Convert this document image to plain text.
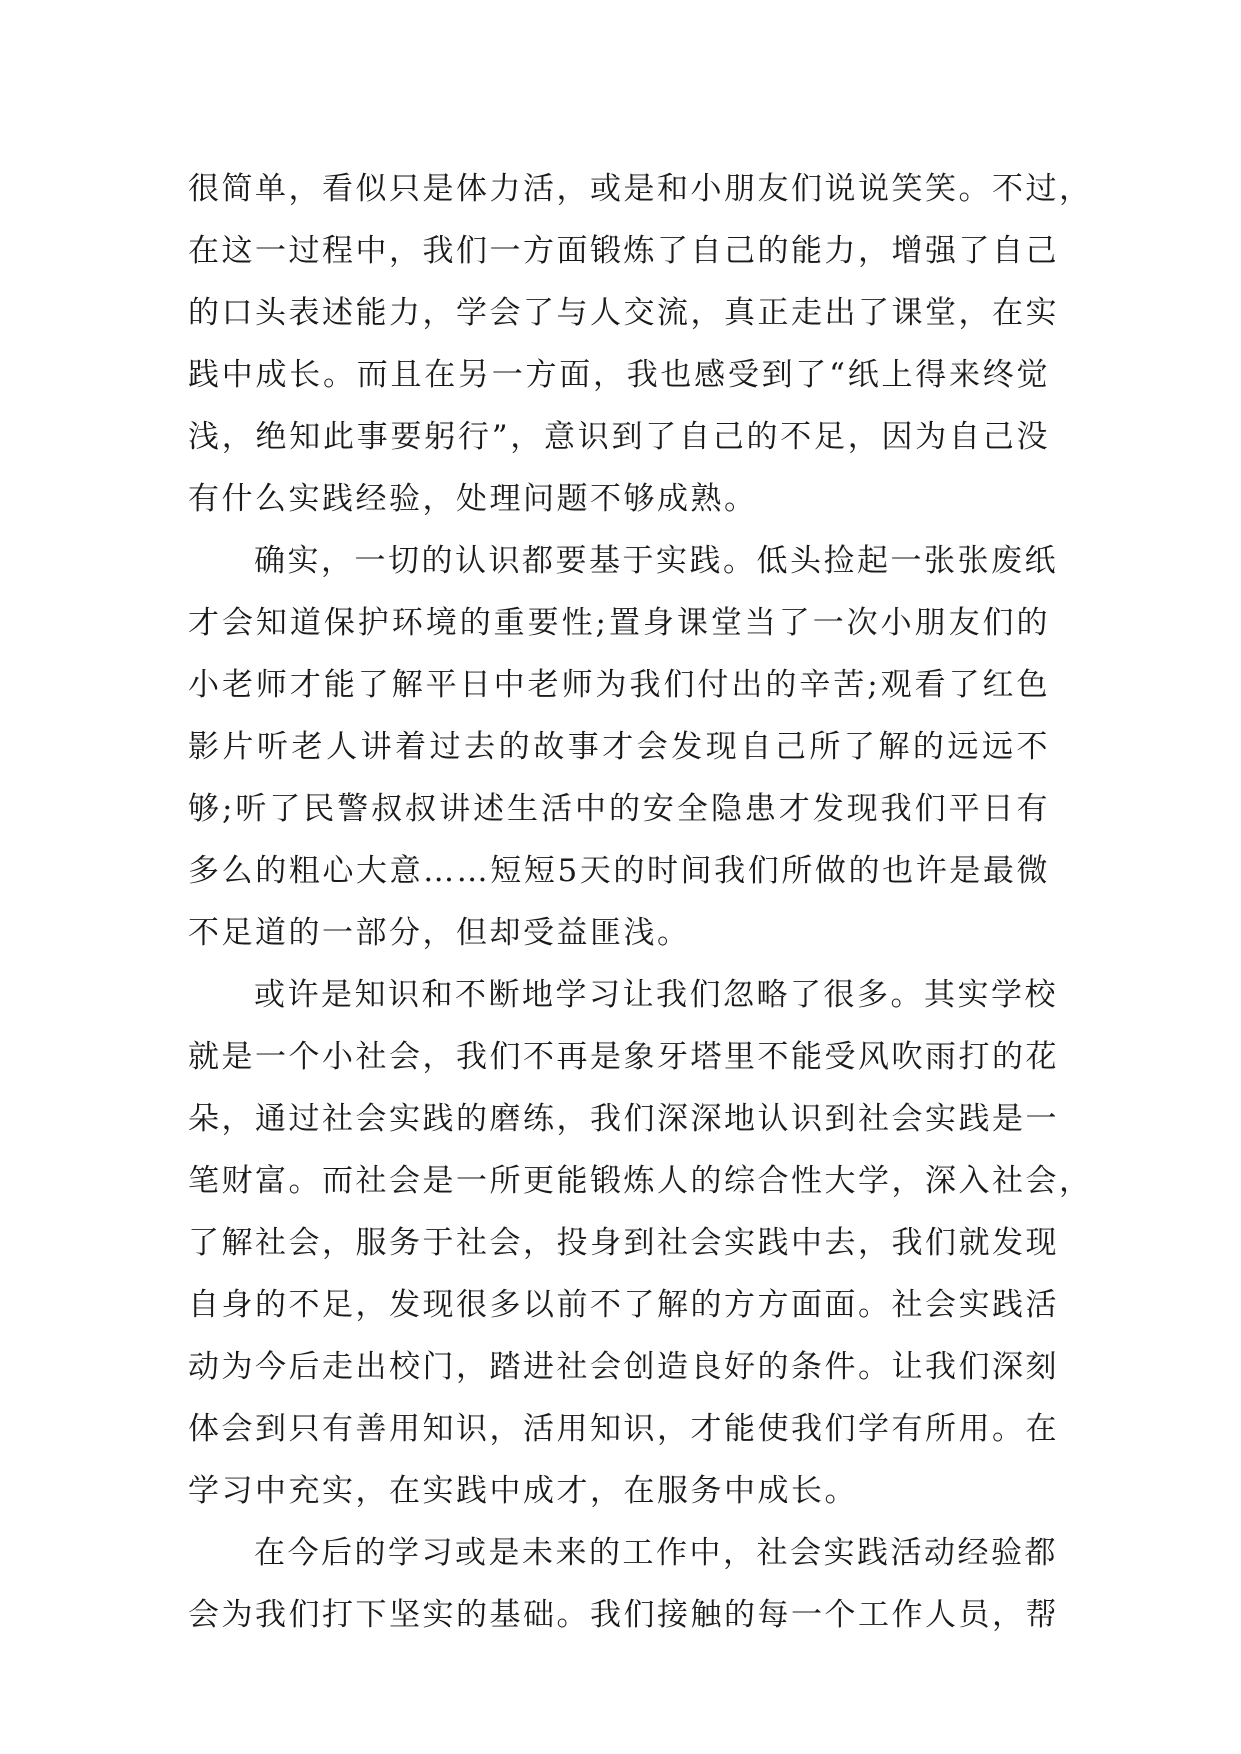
很简单，看似只是体力活，或是和小朋友们说说笑笑。不过，
在这一过程中，我们一方面锻炼了自己的能力，增强了自己
的口头表述能力，学会了与人交流，真正走出了课堂，在实
践中成长。而且在另一方面，我也感受到了“纸上得来终觉
浅，绝知此事要躬行”，意识到了自己的不足，因为自己没
有什么实践经验，处理问题不够成熟。

确实，一切的认识都要基于实践。低头捡起一张张废纸
才会知道保护环境的重要性;置身课堂当了一次小朋友们的
小老师才能了解平日中老师为我们付出的辛苦;观看了红色
影片听老人讲着过去的故事才会发现自己所了解的远远不
够;听了民警叔叔讲述生活中的安全隐患才发现我们平日有
多么的粗心大意……短短5天的时间我们所做的也许是最微
不足道的一部分，但却受益匪浅。

或许是知识和不断地学习让我们忽略了很多。其实学校
就是一个小社会，我们不再是象牙塔里不能受风吹雨打的花
朵，通过社会实践的磨练，我们深深地认识到社会实践是一
笔财富。而社会是一所更能锻炼人的综合性大学，深入社会，
了解社会，服务于社会，投身到社会实践中去，我们就发现
自身的不足，发现很多以前不了解的方方面面。社会实践活
动为今后走出校门，踏进社会创造良好的条件。让我们深刻
体会到只有善用知识，活用知识，才能使我们学有所用。在
学习中充实，在实践中成才，在服务中成长。

在今后的学习或是未来的工作中，社会实践活动经验都
会为我们打下坚实的基础。我们接触的每一个工作人员，帮
